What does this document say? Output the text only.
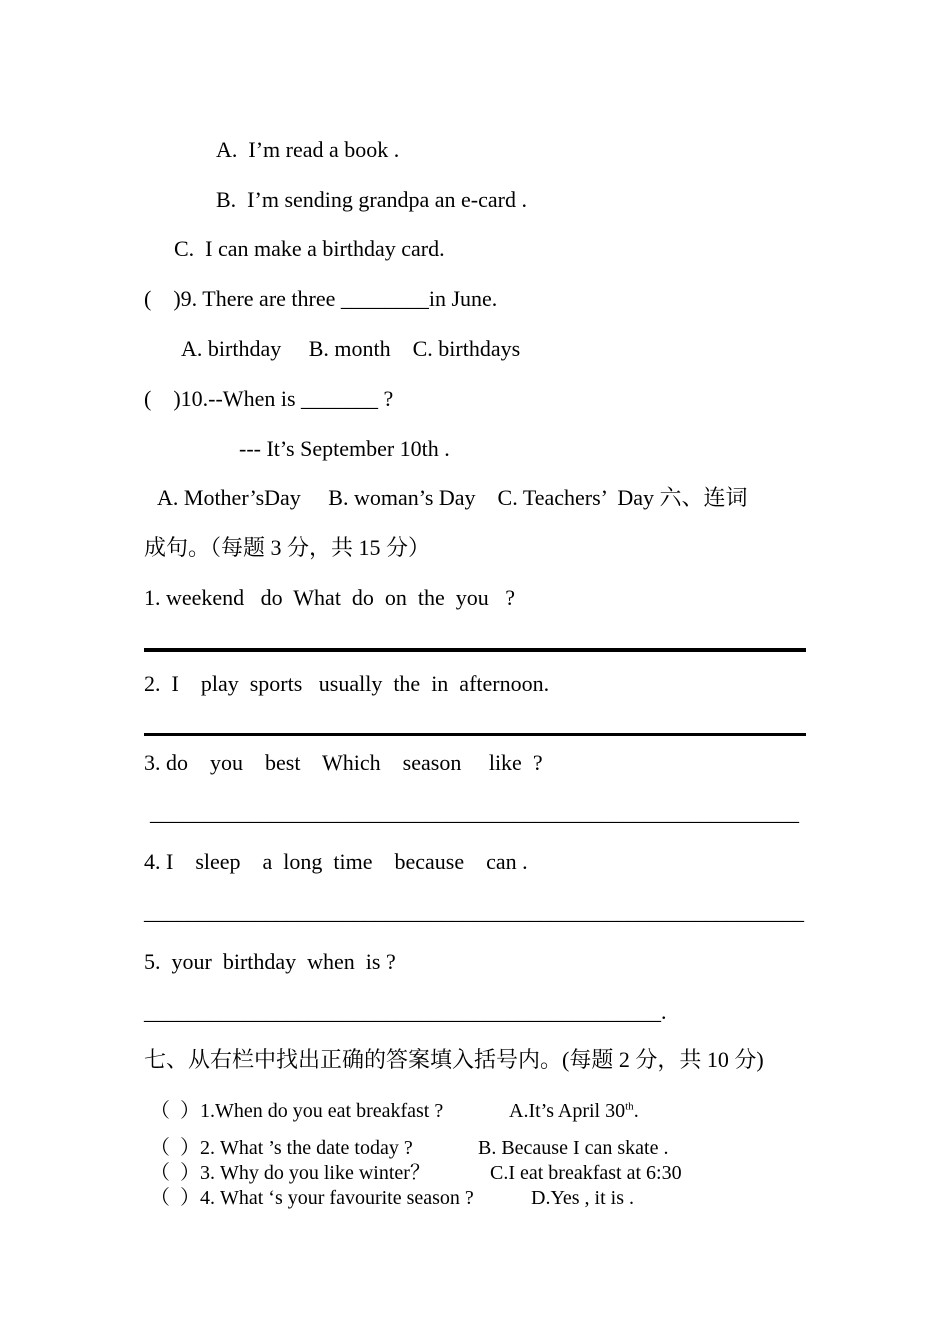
A.  I’m read a book .
B.  I’m sending grandpa an e-card .
C.  I can make a birthday card.
(    )9. There are three ________in June.
A. birthday     B. month    C. birthdays
(    )10.--When is _______ ?
--- It’s September 10th .
A. Mother’sDay     B. woman’s Day    C. Teachers’  Day 六、连词
成句。（每题 3 分，共 15 分）
1. weekend   do  What  do  on  the  you   ?
2.  I    play  sports   usually  the  in  afternoon.
3. do    you    best    Which    season     like  ?
___________________________________________________________
4. I    sleep    a  long  time    because    can .
____________________________________________________________
5.  your  birthday  when  is ?
_______________________________________________.
七、从右栏中找出正确的答案填入括号内。(每题 2 分，共 10 分)
（  ）1.When do you eat breakfast ?	A.It’s April 30th.
（  ）2. What ’s the date today ?	B. Because I can skate .
（  ）3. Why do you like winter？	C.I eat breakfast at 6:30
（  ）4. What ‘s your favourite season ?	D.Yes , it is .
